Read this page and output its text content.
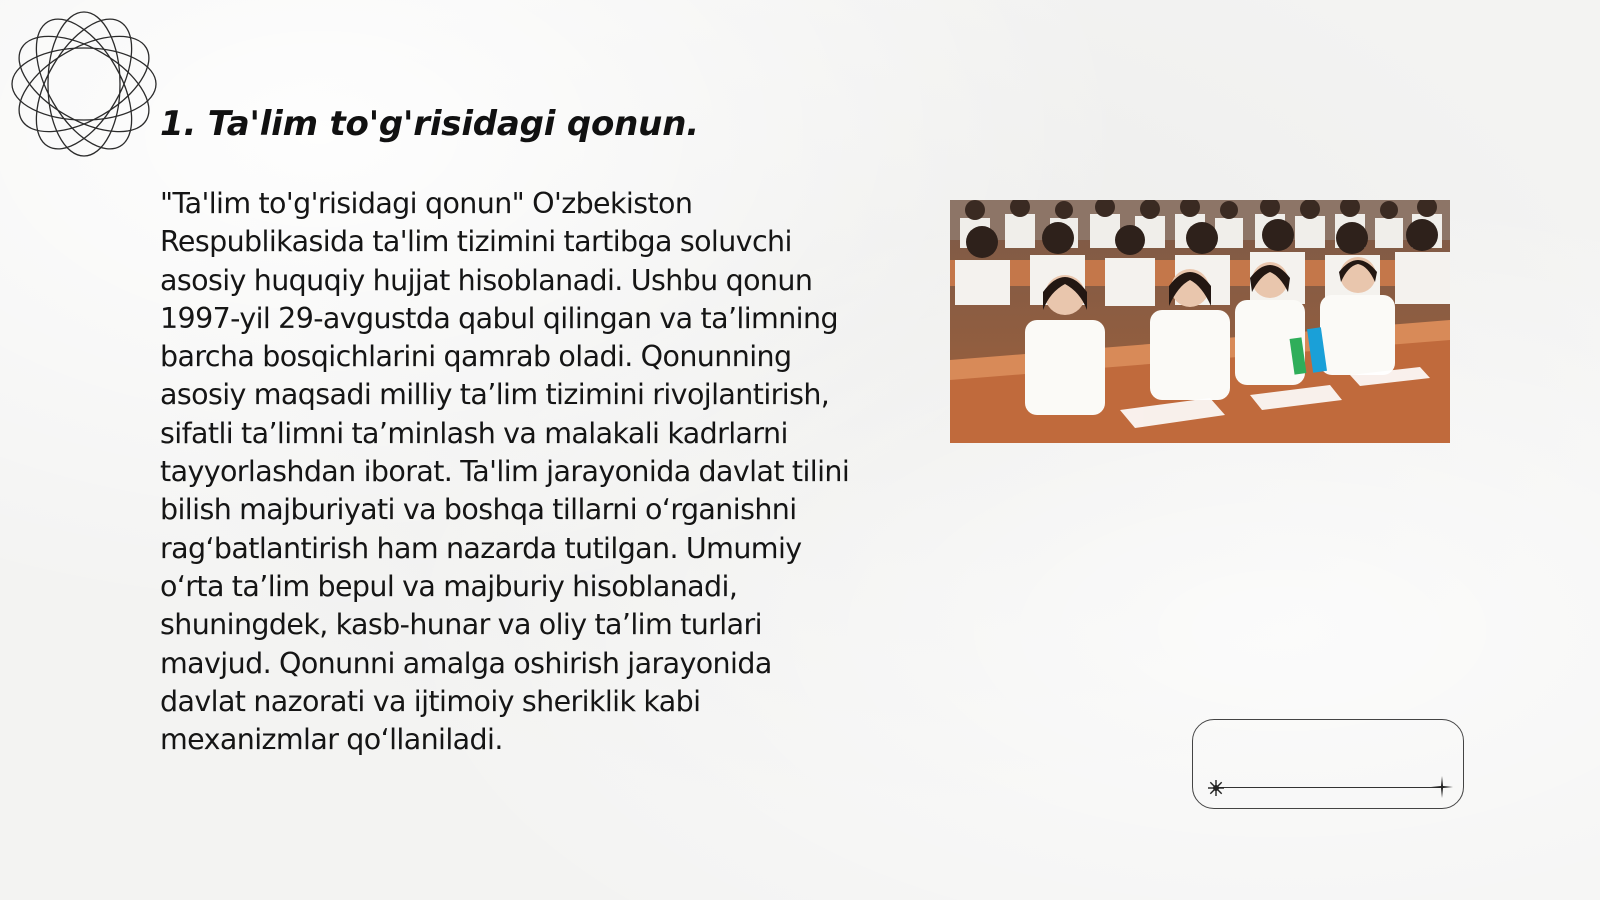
1. Ta'lim to'g'risidagi qonun.
"Ta'lim to'g'risidagi qonun" O'zbekiston Respublikasida ta'lim tizimini tartibga soluvchi asosiy huquqiy hujjat hisoblanadi. Ushbu qonun 1997-yil 29-avgustda qabul qilingan va ta’limning barcha bosqichlarini qamrab oladi. Qonunning asosiy maqsadi milliy ta’lim tizimini rivojlantirish, sifatli ta’limni ta’minlash va malakali kadrlarni tayyorlashdan iborat. Ta'lim jarayonida davlat tilini bilish majburiyati va boshqa tillarni oʻrganishni ragʻbatlantirish ham nazarda tutilgan. Umumiy oʻrta ta’lim bepul va majburiy hisoblanadi, shuningdek, kasb-hunar va oliy ta’lim turlari mavjud. Qonunni amalga oshirish jarayonida davlat nazorati va ijtimoiy sheriklik kabi mexanizmlar qoʻllaniladi.
